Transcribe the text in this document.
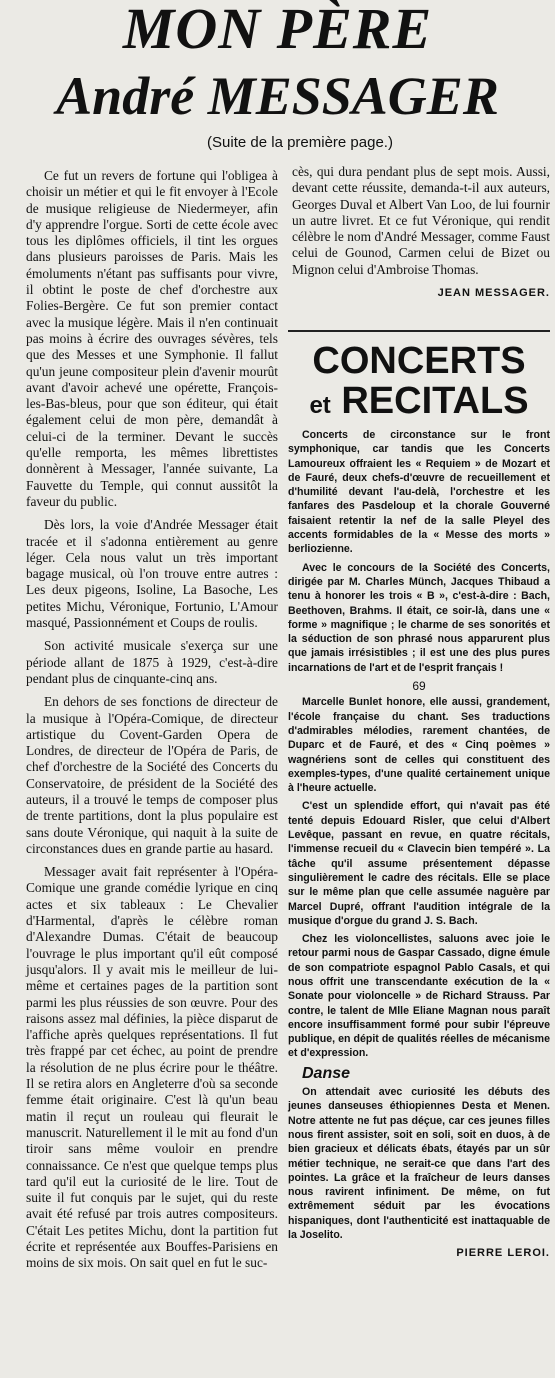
MON PÈRE
André MESSAGER
(Suite de la première page.)

Ce fut un revers de fortune qui l'obligea à choisir un métier et qui le fit envoyer à l'Ecole de musique religieuse de Niedermeyer, afin d'y apprendre l'orgue. Sorti de cette école avec tous les diplômes officiels, il tint les orgues dans plusieurs paroisses de Paris. Mais les émoluments n'étant pas suffisants pour vivre, il obtint le poste de chef d'orchestre aux Folies-Bergère. Ce fut son premier contact avec la musique légère. Mais il n'en continuait pas moins à écrire des ouvrages sévères, tels que des Messes et une Symphonie. Il fallut qu'un jeune compositeur plein d'avenir mourût avant d'avoir achevé une opérette, François-les-Bas-bleus, pour que son éditeur, qui était également celui de mon père, demandât à celui-ci de la terminer. Devant le succès qu'elle remporta, les mêmes librettistes donnèrent à Messager, l'année suivante, La Fauvette du Temple, qui connut aussitôt la faveur du public.

Dès lors, la voie d'Andrée Messager était tracée et il s'adonna entièrement au genre léger. Cela nous valut un très important bagage musical, où l'on trouve entre autres : Les deux pigeons, Isoline, La Basoche, Les petites Michu, Véronique, Fortunio, L'Amour masqué, Passionnément et Coups de roulis.

Son activité musicale s'exerça sur une période allant de 1875 à 1929, c'est-à-dire pendant plus de cinquante-cinq ans.

En dehors de ses fonctions de directeur de la musique à l'Opéra-Comique, de directeur artistique du Covent-Garden Opera de Londres, de directeur de l'Opéra de Paris, de chef d'orchestre de la Société des Concerts du Conservatoire, de président de la Société des auteurs, il a trouvé le temps de composer plus de trente partitions, dont la plus populaire est sans doute Véronique, qui naquit à la suite de circonstances dues en grande partie au hasard.

Messager avait fait représenter à l'Opéra-Comique une grande comédie lyrique en cinq actes et six tableaux : Le Chevalier d'Harmental, d'après le célèbre roman d'Alexandre Dumas. C'était de beaucoup l'ouvrage le plus important qu'il eût composé jusqu'alors. Il y avait mis le meilleur de lui-même et certaines pages de la partition sont parmi les plus réussies de son œuvre. Pour des raisons assez mal définies, la pièce disparut de l'affiche après quelques représentations. Il fut très frappé par cet échec, au point de prendre la résolution de ne plus écrire pour le théâtre. Il se retira alors en Angleterre d'où sa seconde femme était originaire. C'est là qu'un beau matin il reçut un rouleau qui fleurait le manuscrit. Naturellement il le mit au fond d'un tiroir sans même vouloir en prendre connaissance. Ce n'est que quelque temps plus tard qu'il eut la curiosité de le lire. Tout de suite il fut conquis par le sujet, qui du reste avait été refusé par trois autres compositeurs. C'était Les petites Michu, dont la partition fut écrite et représentée aux Bouffes-Parisiens en moins de six mois. On sait quel en fut le suc-

cès, qui dura pendant plus de sept mois. Aussi, devant cette réussite, demanda-t-il aux auteurs, Georges Duval et Albert Van Loo, de lui fournir un autre livret. Et ce fut Véronique, qui rendit célèbre le nom d'André Messager, comme Faust celui de Gounod, Carmen celui de Bizet ou Mignon celui d'Ambroise Thomas.

JEAN MESSAGER.
CONCERTS
et RECITALS

Concerts de circonstance sur le front symphonique, car tandis que les Concerts Lamoureux offraient les « Requiem » de Mozart et de Fauré, deux chefs-d'œuvre de recueillement et d'humilité devant l'au-delà, l'orchestre et les fanfares des Pasdeloup et la chorale Gouverné faisaient retentir la nef de la salle Pleyel des accents formidables de la « Messe des morts » berliozienne.

Avec le concours de la Société des Concerts, dirigée par M. Charles Münch, Jacques Thibaud a tenu à honorer les trois « B », c'est-à-dire : Bach, Beethoven, Brahms. Il était, ce soir-là, dans une « forme » magnifique ; le charme de ses sonorités et la séduction de son phrasé nous apparurent plus que jamais irrésistibles ; il est une des plus pures incarnations de l'art et de l'esprit français !

69

Marcelle Bunlet honore, elle aussi, grandement, l'école française du chant. Ses traductions d'admirables mélodies, rarement chantées, de Duparc et de Fauré, et des « Cinq poèmes » wagnériens sont de celles qui constituent des exemples-types, d'une qualité certainement unique à l'heure actuelle.

C'est un splendide effort, qui n'avait pas été tenté depuis Edouard Risler, que celui d'Albert Levêque, passant en revue, en quatre récitals, l'immense recueil du « Clavecin bien tempéré ». La tâche qu'il assume présentement dépasse singulièrement le cadre des récitals. Elle se place sur le même plan que celle assumée naguère par Marcel Dupré, offrant l'audition intégrale de la musique d'orgue du grand J. S. Bach.

Chez les violoncellistes, saluons avec joie le retour parmi nous de Gaspar Cassado, digne émule de son compatriote espagnol Pablo Casals, et qui nous offrit une transcendante exécution de la « Sonate pour violoncelle » de Richard Strauss. Par contre, le talent de Mlle Eliane Magnan nous paraît encore insuffisamment formé pour subir l'épreuve publique, en dépit de qualités réelles de mécanisme et d'expression.

Danse

On attendait avec curiosité les débuts des jeunes danseuses éthiopiennes Desta et Menen. Notre attente ne fut pas déçue, car ces jeunes filles nous firent assister, soit en soli, soit en duos, à de bien gracieux et délicats ébats, étayés par un sûr métier technique, ne serait-ce que dans l'art des pointes. La grâce et la fraîcheur de leurs danses nous ravirent infiniment. De même, on fut extrêmement séduit par les évocations hispaniques, dont l'authenticité est inattaquable de la Joselito.

PIERRE LEROI.
